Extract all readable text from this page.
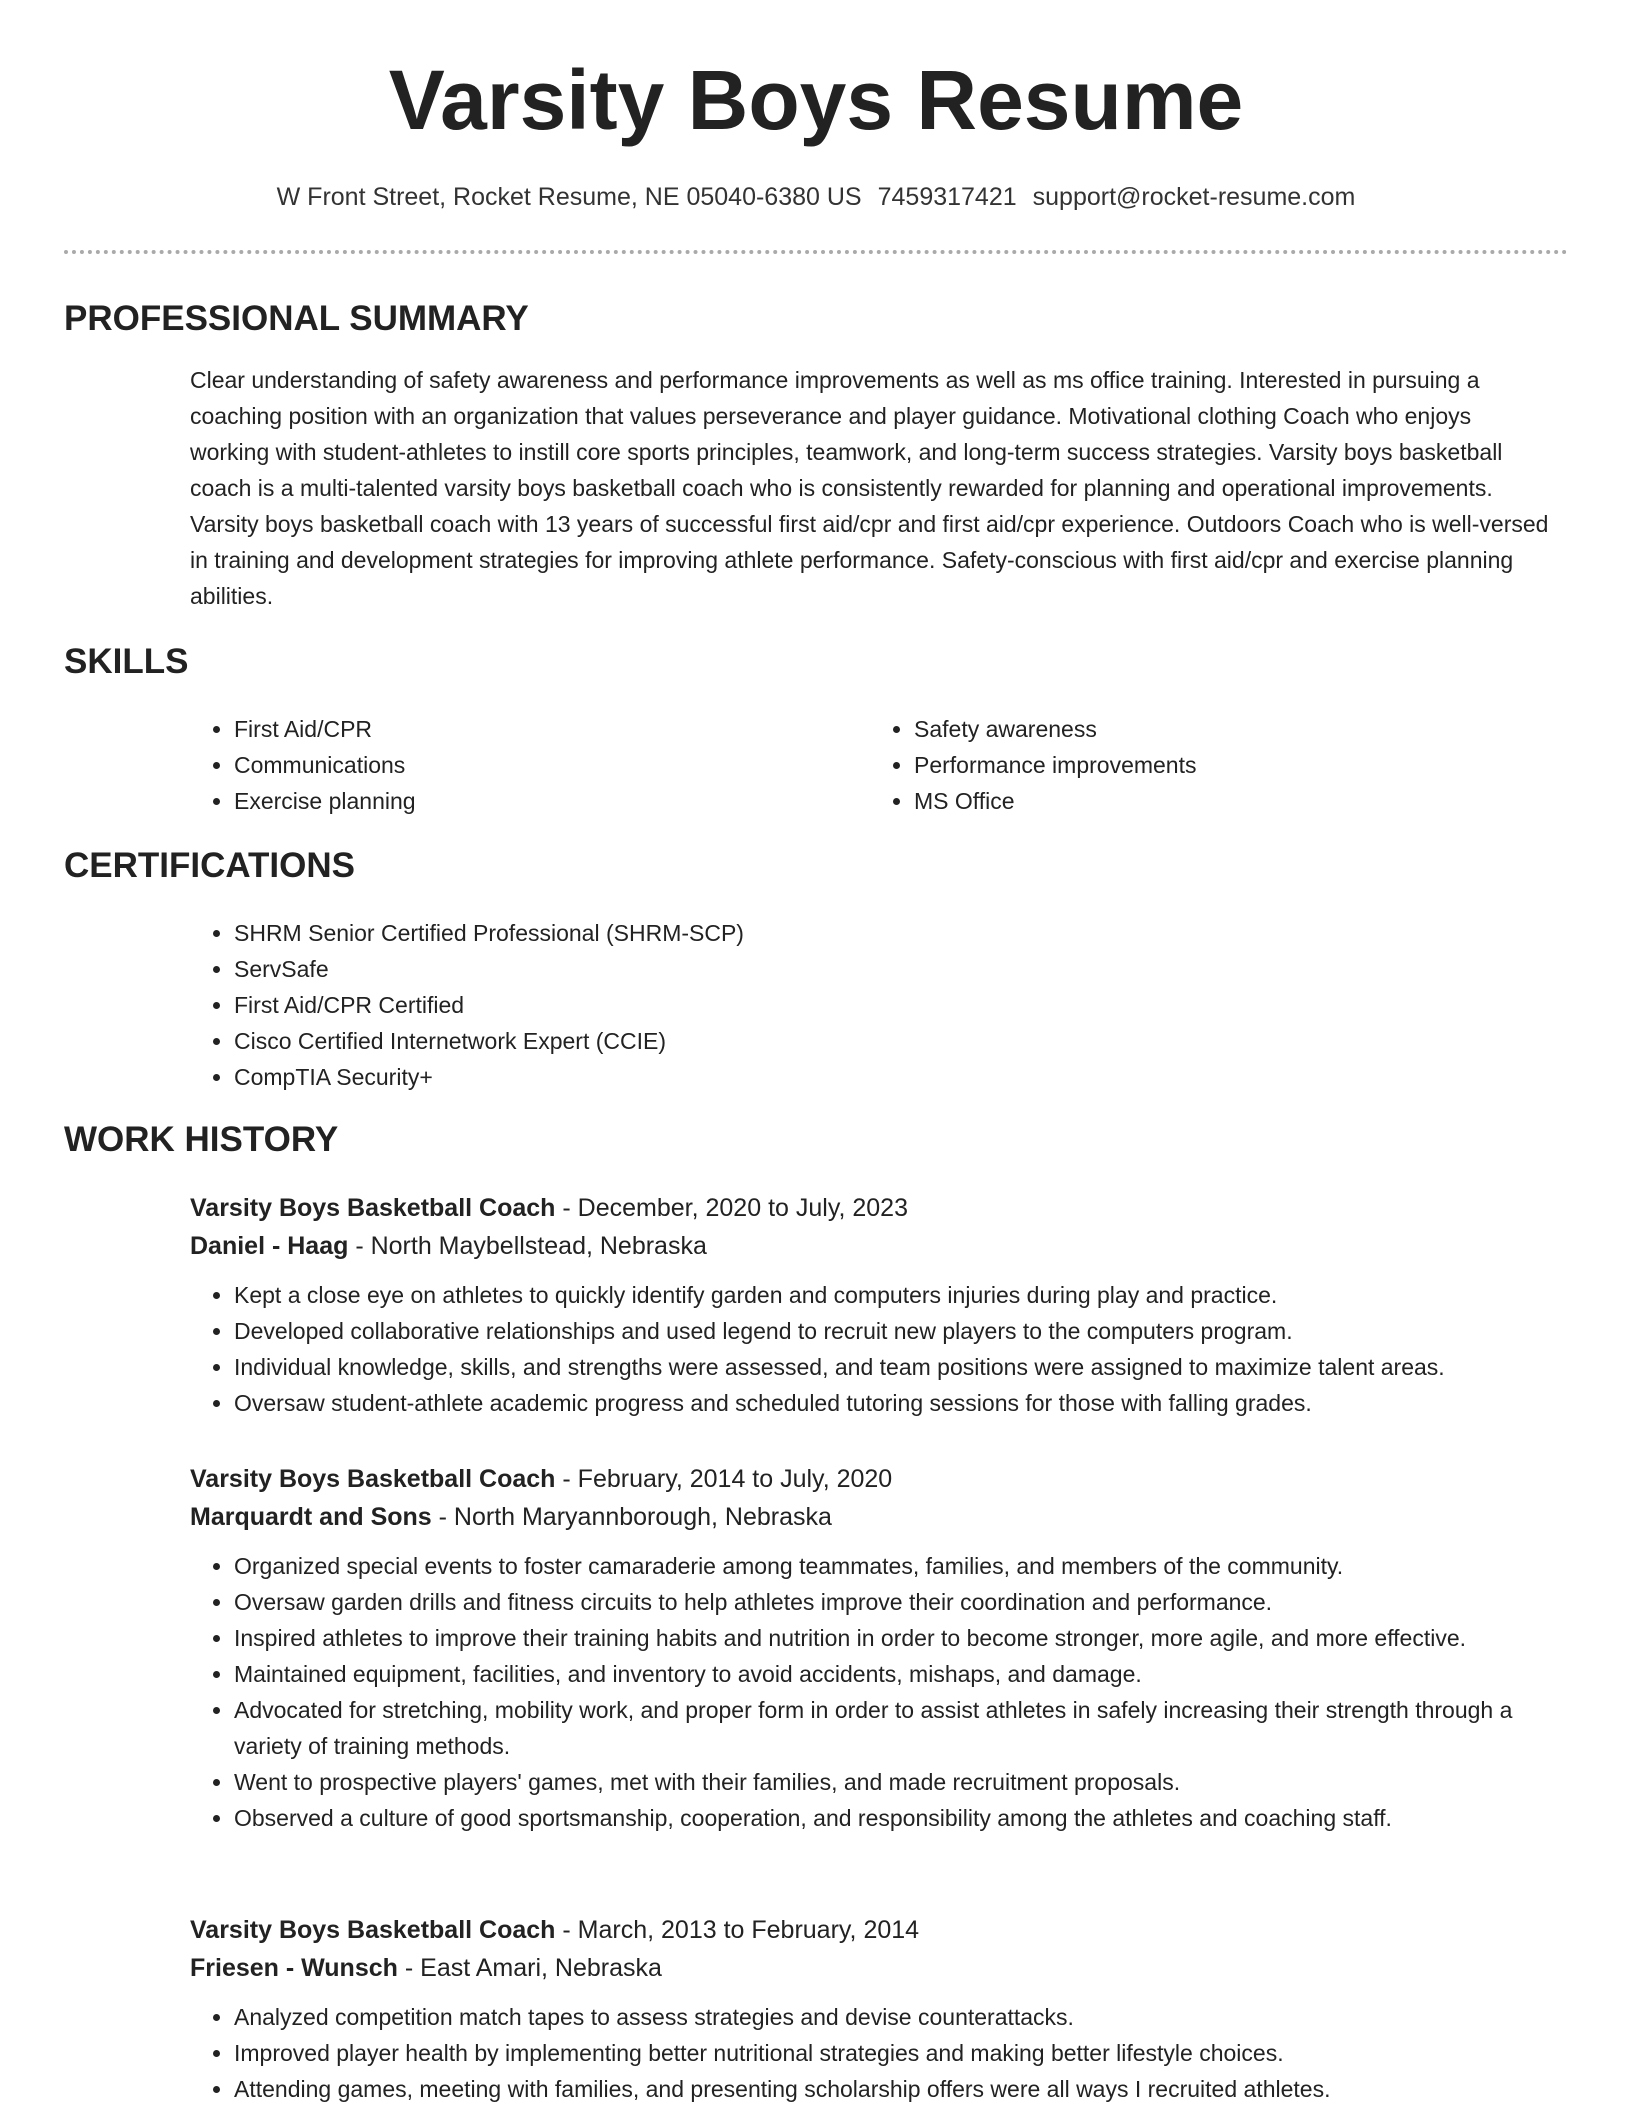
Varsity Boys Resume
W Front Street, Rocket Resume, NE 05040-6380 US 7459317421 support@rocket-resume.com
PROFESSIONAL SUMMARY

Clear understanding of safety awareness and performance improvements as well as ms office training. Interested in pursuing a coaching position with an organization that values perseverance and player guidance. Motivational clothing Coach who enjoys working with student-athletes to instill core sports principles, teamwork, and long-term success strategies. Varsity boys basketball coach is a multi-talented varsity boys basketball coach who is consistently rewarded for planning and operational improvements. Varsity boys basketball coach with 13 years of successful first aid/cpr and first aid/cpr experience. Outdoors Coach who is well-versed in training and development strategies for improving athlete performance. Safety-conscious with first aid/cpr and exercise planning abilities.

SKILLS
• First Aid/CPR
• Communications
• Exercise planning
• Safety awareness
• Performance improvements
• MS Office
CERTIFICATIONS
• SHRM Senior Certified Professional (SHRM-SCP)
• ServSafe
• First Aid/CPR Certified
• Cisco Certified Internetwork Expert (CCIE)
• CompTIA Security+
WORK HISTORY
Varsity Boys Basketball Coach - December, 2020 to July, 2023
Daniel - Haag - North Maybellstead, Nebraska
• Kept a close eye on athletes to quickly identify garden and computers injuries during play and practice.
• Developed collaborative relationships and used legend to recruit new players to the computers program.
• Individual knowledge, skills, and strengths were assessed, and team positions were assigned to maximize talent areas.
• Oversaw student-athlete academic progress and scheduled tutoring sessions for those with falling grades.
Varsity Boys Basketball Coach - February, 2014 to July, 2020
Marquardt and Sons - North Maryannborough, Nebraska
• Organized special events to foster camaraderie among teammates, families, and members of the community.
• Oversaw garden drills and fitness circuits to help athletes improve their coordination and performance.
• Inspired athletes to improve their training habits and nutrition in order to become stronger, more agile, and more effective.
• Maintained equipment, facilities, and inventory to avoid accidents, mishaps, and damage.
• Advocated for stretching, mobility work, and proper form in order to assist athletes in safely increasing their strength through a variety of training methods.
• Went to prospective players' games, met with their families, and made recruitment proposals.
• Observed a culture of good sportsmanship, cooperation, and responsibility among the athletes and coaching staff.
Varsity Boys Basketball Coach - March, 2013 to February, 2014
Friesen - Wunsch - East Amari, Nebraska
• Analyzed competition match tapes to assess strategies and devise counterattacks.
• Improved player health by implementing better nutritional strategies and making better lifestyle choices.
• Attending games, meeting with families, and presenting scholarship offers were all ways I recruited athletes.
